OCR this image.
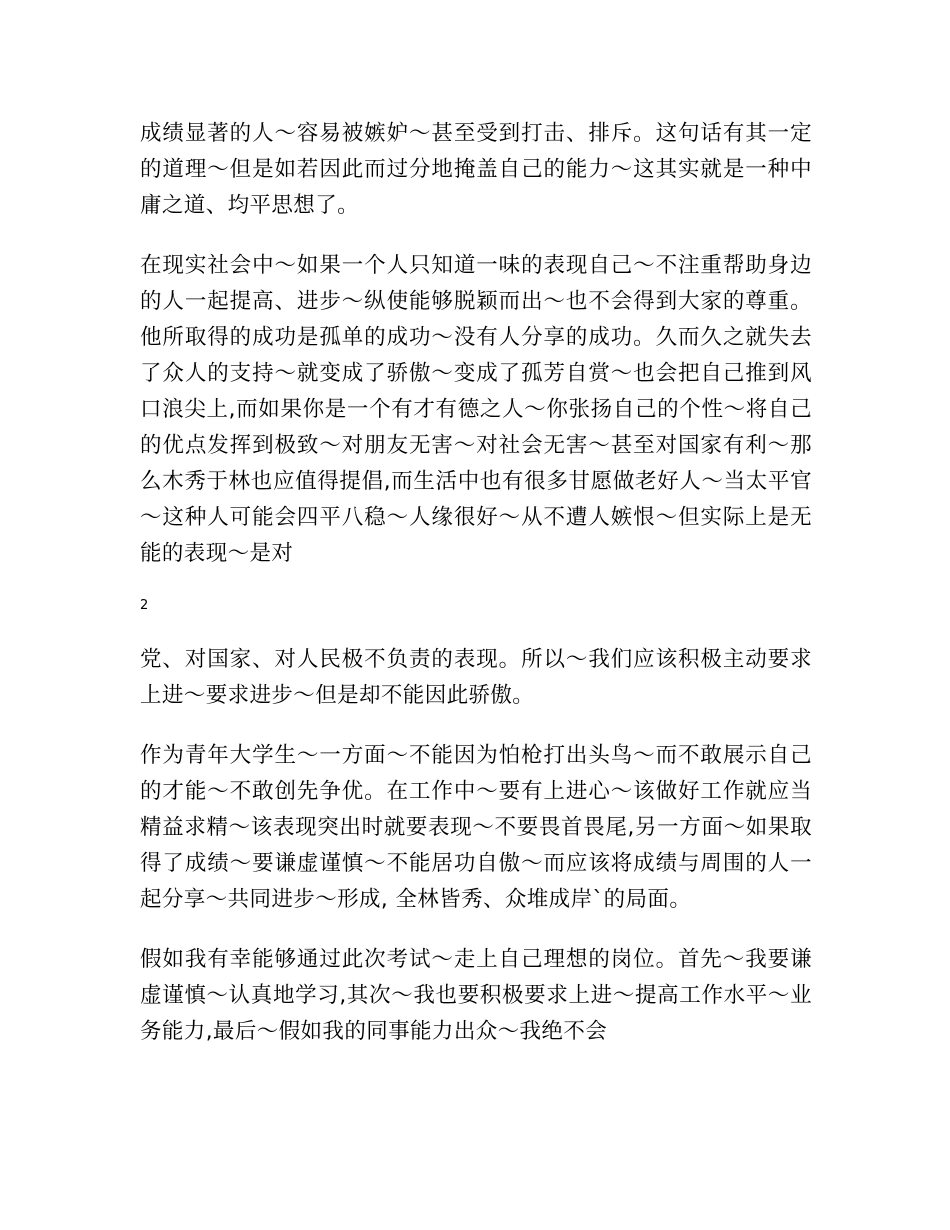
成绩显著的人～容易被嫉妒～甚至受到打击、排斥。这句话有其一定的道理～但是如若因此而过分地掩盖自己的能力～这其实就是一种中庸之道、均平思想了。

在现实社会中～如果一个人只知道一味的表现自己～不注重帮助身边的人一起提高、进步～纵使能够脱颖而出～也不会得到大家的尊重。他所取得的成功是孤单的成功～没有人分享的成功。久而久之就失去了众人的支持～就变成了骄傲～变成了孤芳自赏～也会把自己推到风口浪尖上,而如果你是一个有才有德之人～你张扬自己的个性～将自己的优点发挥到极致～对朋友无害～对社会无害～甚至对国家有利～那么木秀于林也应值得提倡,而生活中也有很多甘愿做老好人～当太平官～这种人可能会四平八稳～人缘很好～从不遭人嫉恨～但实际上是无能的表现～是对

2

党、对国家、对人民极不负责的表现。所以～我们应该积极主动要求上进～要求进步～但是却不能因此骄傲。

作为青年大学生～一方面～不能因为怕枪打出头鸟～而不敢展示自己的才能～不敢创先争优。在工作中～要有上进心～该做好工作就应当精益求精～该表现突出时就要表现～不要畏首畏尾,另一方面～如果取得了成绩～要谦虚谨慎～不能居功自傲～而应该将成绩与周围的人一起分享～共同进步～形成, 全林皆秀、众堆成岸`的局面。

假如我有幸能够通过此次考试～走上自己理想的岗位。首先～我要谦虚谨慎～认真地学习,其次～我也要积极要求上进～提高工作水平～业务能力,最后～假如我的同事能力出众～我绝不会
